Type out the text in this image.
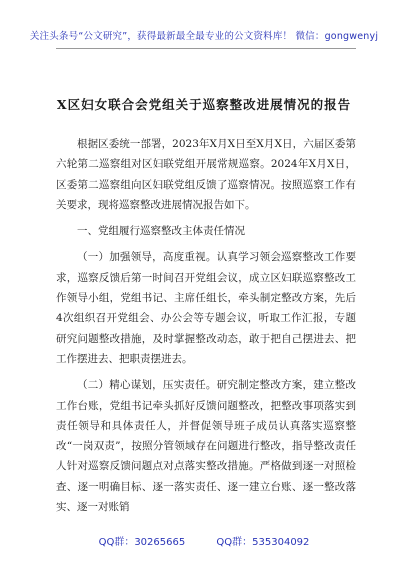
关注头条号“公文研究”，获得最新最全最专业的公文资料库！ 微信：gongwenyj
X区妇女联合会党组关于巡察整改进展情况的报告

根据区委统一部署，2023年X月X日至X月X日，六届区委第六轮第二巡察组对区妇联党组开展常规巡察。2024年X月X日，区委第二巡察组向区妇联党组反馈了巡察情况。按照巡察工作有关要求，现将巡察整改进展情况报告如下。

一、党组履行巡察整改主体责任情况

（一）加强领导，高度重视。认真学习领会巡察整改工作要求，巡察反馈后第一时间召开党组会议，成立区妇联巡察整改工作领导小组，党组书记、主席任组长，牵头制定整改方案，先后4次组织召开党组会、办公会等专题会议，听取工作汇报，专题研究问题整改措施，及时掌握整改动态，敢于把自己摆进去、把工作摆进去、把职责摆进去。

（二）精心谋划，压实责任。研究制定整改方案，建立整改工作台账，党组书记牵头抓好反馈问题整改，把整改事项落实到责任领导和具体责任人，并督促领导班子成员认真落实巡察整改“一岗双责”，按照分管领域存在问题进行整改，指导整改责任人针对巡察反馈问题点对点落实整改措施。严格做到逐一对照检查、逐一明确目标、逐一落实责任、逐一建立台账、逐一整改落实、逐一对账销

QQ群：30265665	QQ群：535304092
